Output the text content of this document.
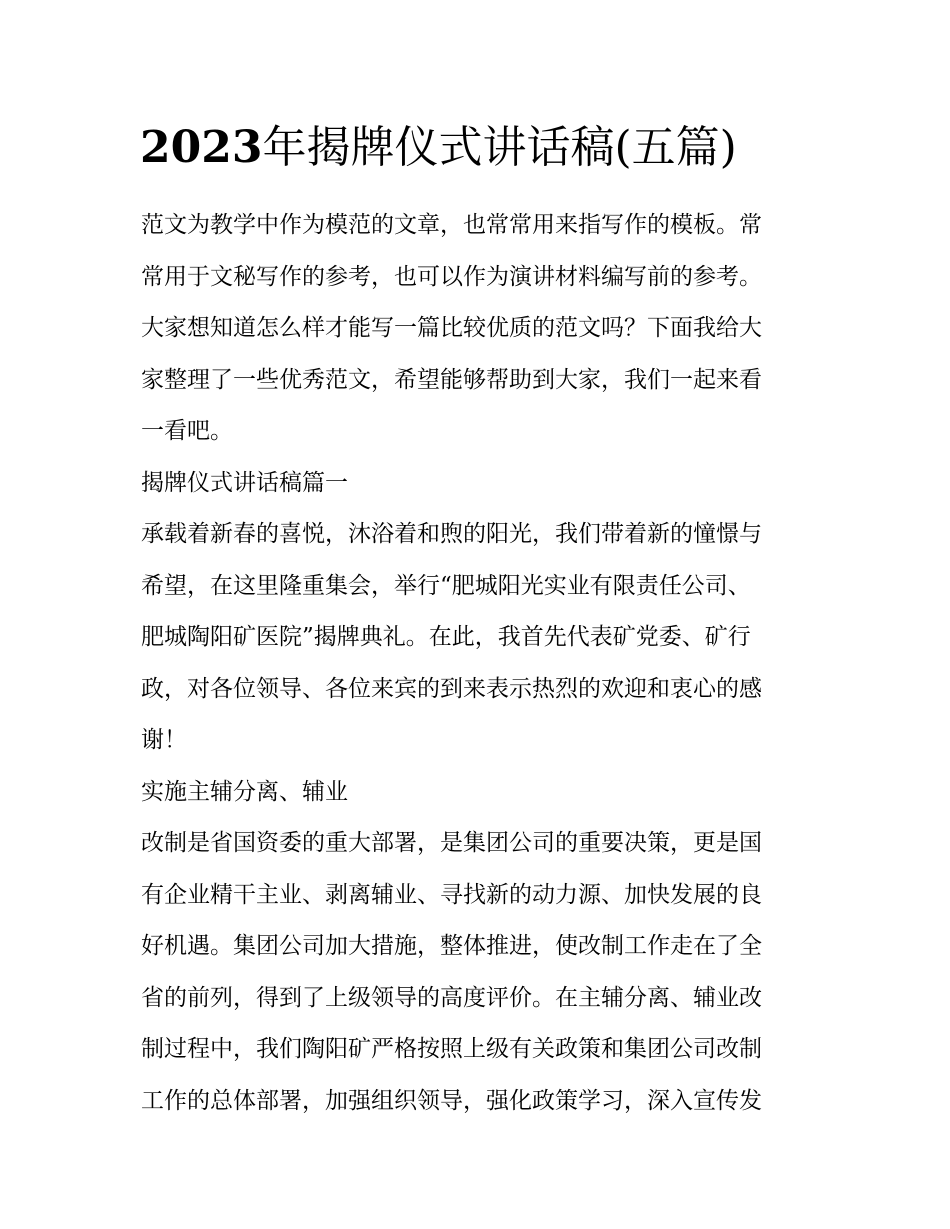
2023年揭牌仪式讲话稿(五篇)
范文为教学中作为模范的文章，也常常用来指写作的模板。常
常用于文秘写作的参考，也可以作为演讲材料编写前的参考。
大家想知道怎么样才能写一篇比较优质的范文吗？下面我给大
家整理了一些优秀范文，希望能够帮助到大家，我们一起来看
一看吧。
揭牌仪式讲话稿篇一
承载着新春的喜悦，沐浴着和煦的阳光，我们带着新的憧憬与
希望，在这里隆重集会，举行“肥城阳光实业有限责任公司、
肥城陶阳矿医院”揭牌典礼。在此，我首先代表矿党委、矿行
政，对各位领导、各位来宾的到来表示热烈的欢迎和衷心的感
谢！
实施主辅分离、辅业
改制是省国资委的重大部署，是集团公司的重要决策，更是国
有企业精干主业、剥离辅业、寻找新的动力源、加快发展的良
好机遇。集团公司加大措施，整体推进，使改制工作走在了全
省的前列，得到了上级领导的高度评价。在主辅分离、辅业改
制过程中，我们陶阳矿严格按照上级有关政策和集团公司改制
工作的总体部署，加强组织领导，强化政策学习，深入宣传发
